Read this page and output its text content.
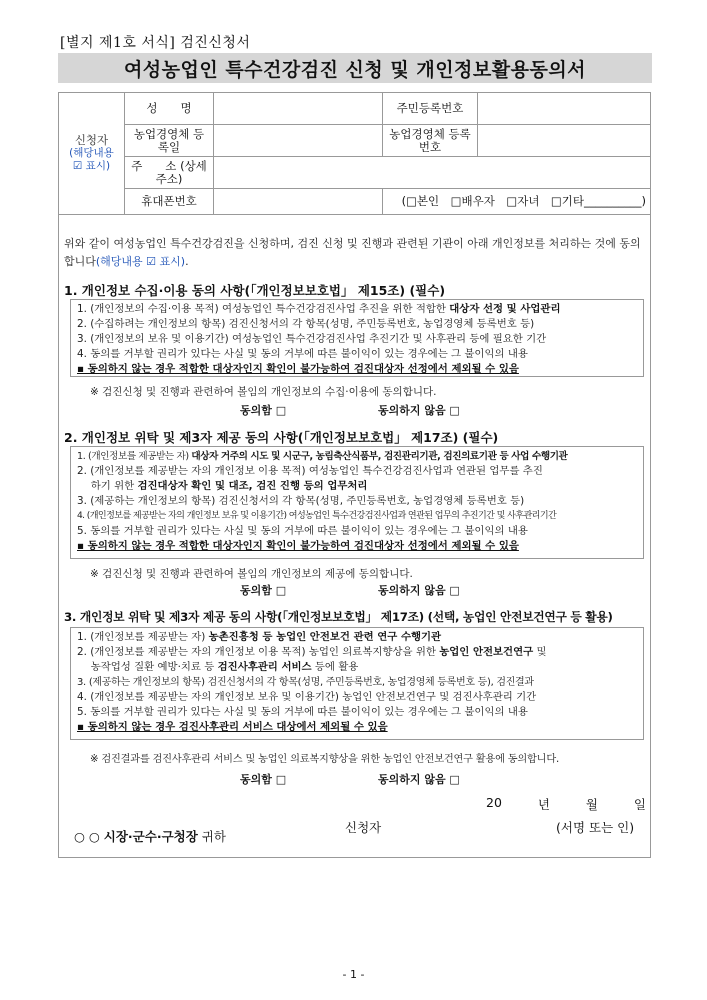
[별지 제1호 서식] 검진신청서
여성농업인 특수건강검진 신청 및 개인정보활용동의서
신청자
(해당내용 ☑ 표시)	성　　명		주민등록번호	
	농업경영체 등록일		농업경영체 등록번호	
	주　　소 (상세주소)			
	휴대폰번호		(□본인　□배우자　□자녀　□기타__________)	
위와 같이 여성농업인 특수건강검진을 신청하며, 검진 신청 및 진행과 관련된 기관이 아래 개인정보를 처리하는 것에 동의합니다(해당내용 ☑ 표시).
1. 개인정보 수집·이용 동의 사항(「개인정보보호법」 제15조) (필수)
1. (개인정보의 수집·이용 목적) 여성농업인 특수건강검진사업 추진을 위한 적합한 대상자 선정 및 사업관리
2. (수집하려는 개인정보의 항목) 검진신청서의 각 항목(성명, 주민등록번호, 농업경영체 등록번호 등)
3. (개인정보의 보유 및 이용기간) 여성농업인 특수건강검진사업 추진기간 및 사후관리 등에 필요한 기간
4. 동의를 거부할 권리가 있다는 사실 및 동의 거부에 따른 불이익이 있는 경우에는 그 불이익의 내용
▪ 동의하지 않는 경우 적합한 대상자인지 확인이 불가능하여 검진대상자 선정에서 제외될 수 있음
※ 검진신청 및 진행과 관련하여 볼임의 개인정보의 수집·이용에 동의합니다.
동의함 □	동의하지 않음 □
2. 개인정보 위탁 및 제3자 제공 동의 사항(「개인정보보호법」 제17조) (필수)
1. (개인정보를 제공받는 자) 대상자 거주의 시도 및 시군구, 농림축산식품부, 검진관리기관, 검진의료기관 등 사업 수행기관
2. (개인정보를 제공받는 자의 개인정보 이용 목적) 여성농업인 특수건강검진사업과 연관된 업무를 추진
　 하기 위한 검진대상자 확인 및 대조, 검진 진행 등의 업무처리
3. (제공하는 개인정보의 항목) 검진신청서의 각 항목(성명, 주민등록번호, 농업경영체 등록번호 등)
4. (개인정보를 제공받는 자의 개인정보 보유 및 이용기간) 여성농업인 특수건강검진사업과 연관된 업무의 추진기간 및 사후관리기간
5. 동의를 거부할 권리가 있다는 사실 및 동의 거부에 따른 불이익이 있는 경우에는 그 불이익의 내용
▪ 동의하지 않는 경우 적합한 대상자인지 확인이 불가능하여 검진대상자 선정에서 제외될 수 있음
※ 검진신청 및 진행과 관련하여 볼임의 개인정보의 제공에 동의합니다.
동의함 □	동의하지 않음 □
3. 개인정보 위탁 및 제3자 제공 동의 사항(「개인정보보호법」 제17조) (선택, 농업인 안전보건연구 등 활용)
1. (개인정보를 제공받는 자) 농촌진흥청 등 농업인 안전보건 관련 연구 수행기관
2. (개인정보를 제공받는 자의 개인정보 이용 목적) 농업인 의료복지향상을 위한 농업인 안전보건연구 및
　 농작업성 질환 예방·치료 등 검진사후관리 서비스 등에 활용
3. (제공하는 개인정보의 항목) 검진신청서의 각 항목(성명, 주민등록번호, 농업경영체 등록번호 등), 검진결과
4. (개인정보를 제공받는 자의 개인정보 보유 및 이용기간) 농업인 안전보건연구 및 검진사후관리 기간
5. 동의를 거부할 권리가 있다는 사실 및 동의 거부에 따른 불이익이 있는 경우에는 그 불이익의 내용
▪ 동의하지 않는 경우 검진사후관리 서비스 대상에서 제외될 수 있음
※ 검진결과를 검진사후관리 서비스 및 농업인 의료복지향상을 위한 농업인 안전보건연구 활용에 동의합니다.
동의함 □	동의하지 않음 □
20	년	월	일
신청자	(서명 또는 인)
○ ○ 시장·군수·구청장 귀하
- 1 -
